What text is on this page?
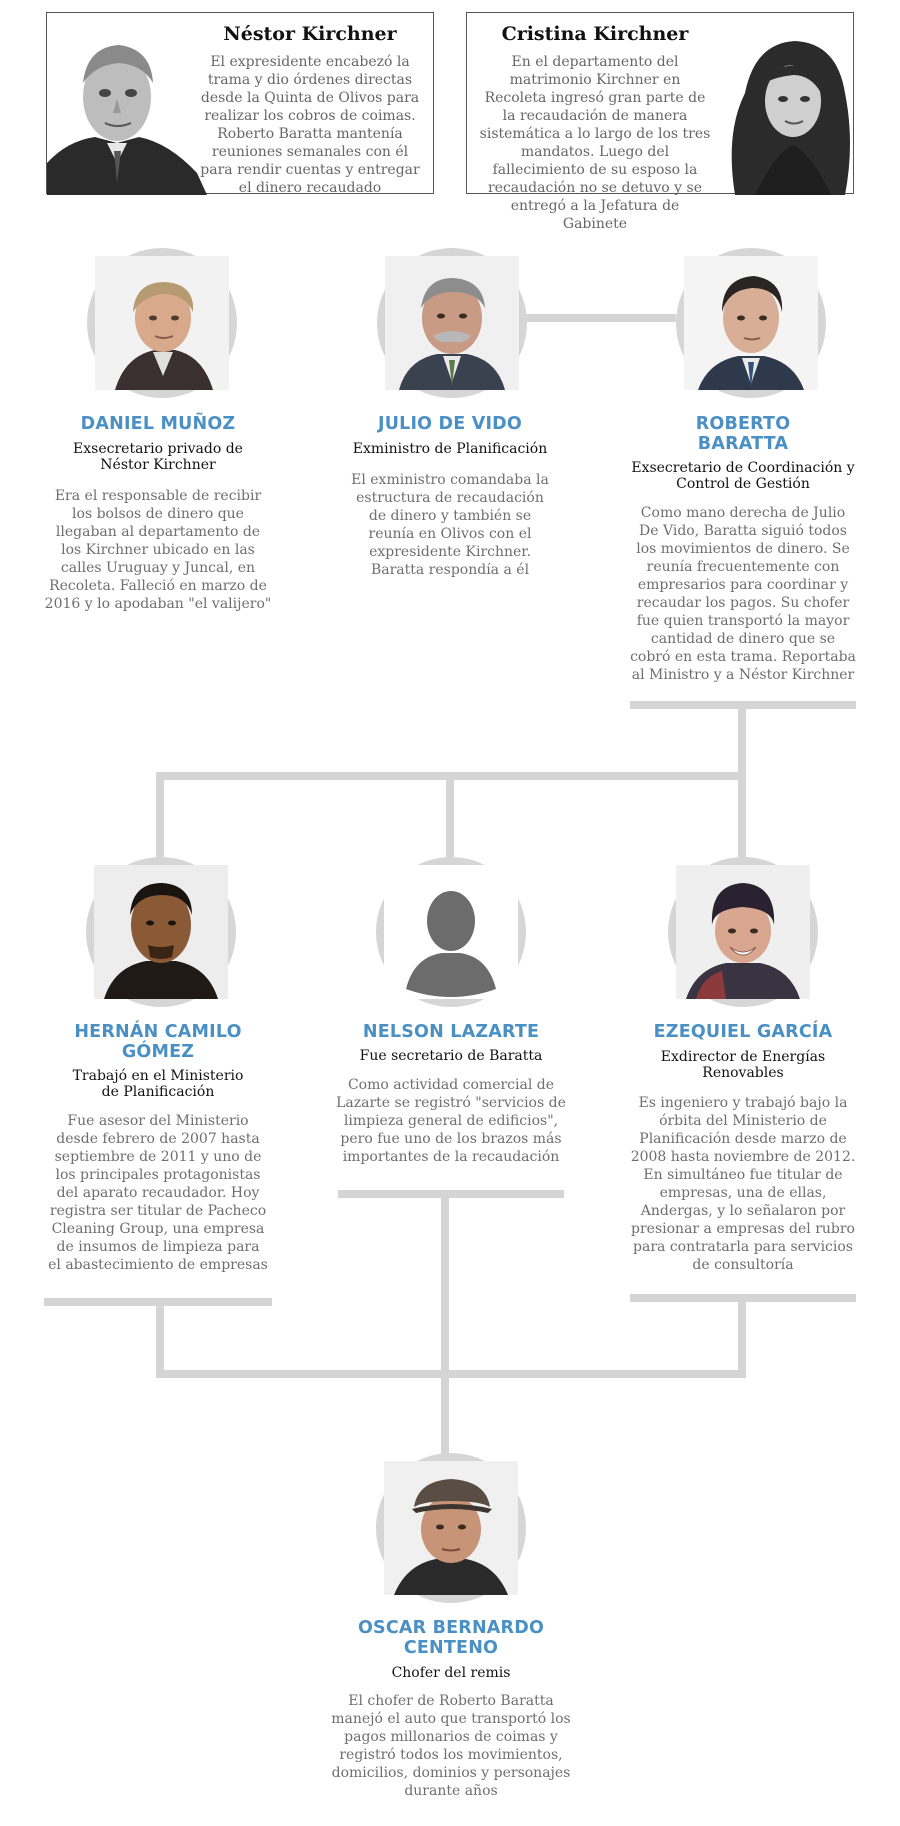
Néstor Kirchner
El expresidente encabezó la trama y dio órdenes directas desde la Quinta de Olivos para realizar los cobros de coimas. Roberto Baratta mantenía reuniones semanales con él para rendir cuentas y entregar el dinero recaudado
Cristina Kirchner
En el departamento del matrimonio Kirchner en Recoleta ingresó gran parte de la recaudación de manera sistemática a lo largo de los tres mandatos. Luego del fallecimiento de su esposo la recaudación no se detuvo y se entregó a la Jefatura de Gabinete
DANIEL MUÑOZ
Exsecretario privado de Néstor Kirchner
Era el responsable de recibir los bolsos de dinero que llegaban al departamento de los Kirchner ubicado en las calles Uruguay y Juncal, en Recoleta. Falleció en marzo de 2016 y lo apodaban "el valijero"
JULIO DE VIDO
Exministro de Planificación
El exministro comandaba la estructura de recaudación de dinero y también se reunía en Olivos con el expresidente Kirchner. Baratta respondía a él
ROBERTO BARATTA
Exsecretario de Coordinación y Control de Gestión
Como mano derecha de Julio De Vido, Baratta siguió todos los movimientos de dinero. Se reunía frecuentemente con empresarios para coordinar y recaudar los pagos. Su chofer fue quien transportó la mayor cantidad de dinero que se cobró en esta trama. Reportaba al Ministro y a Néstor Kirchner
HERNÁN CAMILO GÓMEZ
Trabajó en el Ministerio de Planificación
Fue asesor del Ministerio desde febrero de 2007 hasta septiembre de 2011 y uno de los principales protagonistas del aparato recaudador. Hoy registra ser titular de Pacheco Cleaning Group, una empresa de insumos de limpieza para el abastecimiento de empresas
NELSON LAZARTE
Fue secretario de Baratta
Como actividad comercial de Lazarte se registró "servicios de limpieza general de edificios", pero fue uno de los brazos más importantes de la recaudación
EZEQUIEL GARCÍA
Exdirector de Energías Renovables
Es ingeniero y trabajó bajo la órbita del Ministerio de Planificación desde marzo de 2008 hasta noviembre de 2012. En simultáneo fue titular de empresas, una de ellas, Andergas, y lo señalaron por presionar a empresas del rubro para contratarla para servicios de consultoría
OSCAR BERNARDO CENTENO
Chofer del remis
El chofer de Roberto Baratta manejó el auto que transportó los pagos millonarios de coimas y registró todos los movimientos, domicilios, dominios y personajes durante años
